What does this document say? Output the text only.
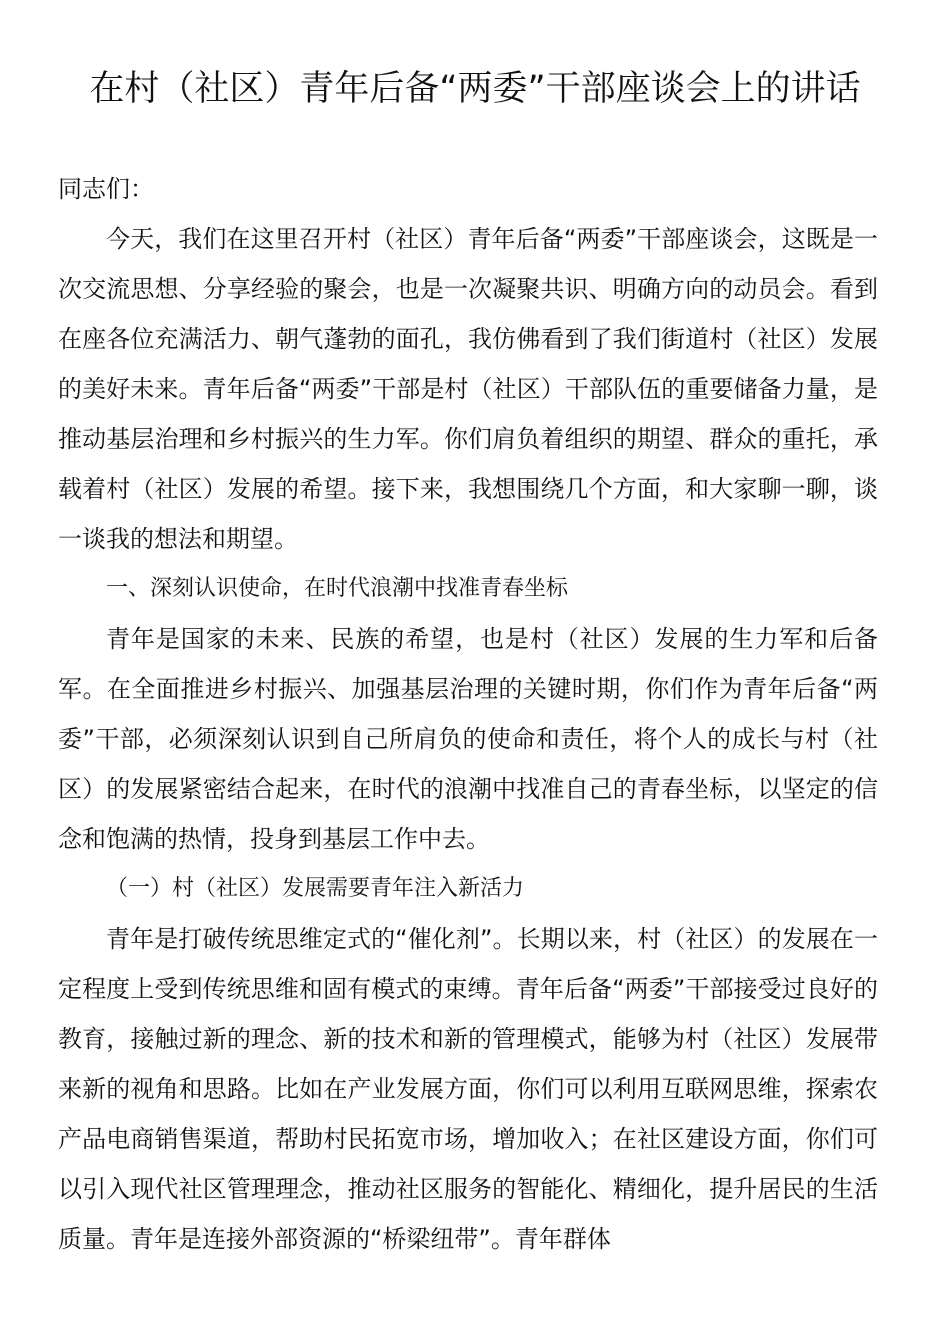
在村（社区）青年后备“两委”干部座谈会上的讲话

同志们：

今天，我们在这里召开村（社区）青年后备“两委”干部座谈会，这既是一次交流思想、分享经验的聚会，也是一次凝聚共识、明确方向的动员会。看到在座各位充满活力、朝气蓬勃的面孔，我仿佛看到了我们街道村（社区）发展的美好未来。青年后备“两委”干部是村（社区）干部队伍的重要储备力量，是推动基层治理和乡村振兴的生力军。你们肩负着组织的期望、群众的重托，承载着村（社区）发展的希望。接下来，我想围绕几个方面，和大家聊一聊，谈一谈我的想法和期望。

一、深刻认识使命，在时代浪潮中找准青春坐标

青年是国家的未来、民族的希望，也是村（社区）发展的生力军和后备军。在全面推进乡村振兴、加强基层治理的关键时期，你们作为青年后备“两委”干部，必须深刻认识到自己所肩负的使命和责任，将个人的成长与村（社区）的发展紧密结合起来，在时代的浪潮中找准自己的青春坐标，以坚定的信念和饱满的热情，投身到基层工作中去。

（一）村（社区）发展需要青年注入新活力

青年是打破传统思维定式的“催化剂”。长期以来，村（社区）的发展在一定程度上受到传统思维和固有模式的束缚。青年后备“两委”干部接受过良好的教育，接触过新的理念、新的技术和新的管理模式，能够为村（社区）发展带来新的视角和思路。比如在产业发展方面，你们可以利用互联网思维，探索农产品电商销售渠道，帮助村民拓宽市场，增加收入；在社区建设方面，你们可以引入现代社区管理理念，推动社区服务的智能化、精细化，提升居民的生活质量。青年是连接外部资源的“桥梁纽带”。青年群体
